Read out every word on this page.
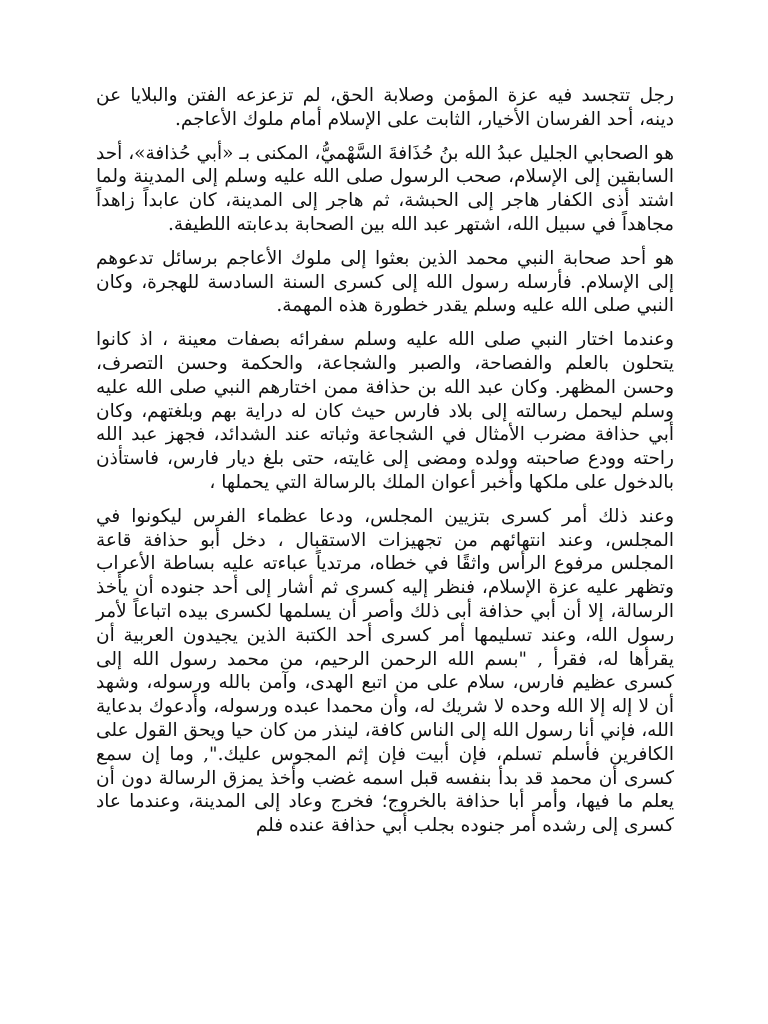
رجل تتجسد فيه عزة المؤمن وصلابة الحق، لم تزعزعه الفتن والبلايا عن دينه، أحد الفرسان الأخيار، الثابت على الإسلام أمام ملوك الأعاجم.

هو الصحابي الجليل عبدُ الله بنُ حُذَافةَ السَّهْميُّ، المكنى بـ «أبي حُذافة»، أحد السابقين إلى الإسلام، صحب الرسول صلى الله عليه وسلم إلى المدينة ولما اشتد أذى الكفار هاجر إلى الحبشة، ثم هاجر إلى المدينة، كان عابداً زاهداً مجاهداً في سبيل الله، اشتهر عبد الله بين الصحابة بدعابته اللطيفة.

هو أحد صحابة النبي محمد الذين بعثوا إلى ملوك الأعاجم برسائل تدعوهم إلى الإسلام. فأرسله رسول الله إلى كسرى السنة السادسة للهجرة، وكان النبي صلى الله عليه وسلم يقدر خطورة هذه المهمة.

وعندما اختار النبي صلى الله عليه وسلم سفرائه بصفات معينة ، اذ كانوا يتحلون بالعلم والفصاحة، والصبر والشجاعة، والحكمة وحسن التصرف، وحسن المظهر. وكان عبد الله بن حذافة ممن اختارهم النبي صلى الله عليه وسلم ليحمل رسالته إلى بلاد فارس حيث كان له دراية بهم وبلغتهم، وكان أبي حذافة مضرب الأمثال في الشجاعة وثباته عند الشدائد، فجهز عبد الله راحته وودع صاحبته وولده ومضى إلى غايته، حتى بلغ ديار فارس، فاستأذن بالدخول على ملكها وأخبر أعوان الملك بالرسالة التي يحملها ،

وعند ذلك أمر كسرى بتزيين المجلس، ودعا عظماء الفرس ليكونوا في المجلس، وعند انتهائهم من تجهيزات الاستقبال ، دخل أبو حذافة قاعة المجلس مرفوع الرأس واثقًا في خطاه، مرتدياً عباءته عليه بساطة الأعراب وتظهر عليه عزة الإسلام، فنظر إليه كسرى ثم أشار إلى أحد جنوده أن يأخذ الرسالة، إلا أن أبي حذافة أبى ذلك وأصر أن يسلمها لكسرى بيده اتباعاً لأمر رسول الله، وعند تسليمها أمر كسرى أحد الكتبة الذين يجيدون العربية أن يقرأها له، فقرأ , "بسم الله الرحمن الرحيم، من محمد رسول الله إلى كسرى عظيم فارس، سلام على من اتبع الهدى، وآمن بالله ورسوله، وشهد أن لا إله إلا الله وحده لا شريك له، وأن محمدا عبده ورسوله، وأدعوك بدعاية الله، فإني أنا رسول الله إلى الناس كافة، لينذر من كان حيا ويحق القول على الكافرين فأسلم تسلم، فإن أبيت فإن إثم المجوس عليك.", وما إن سمع كسرى أن محمد قد بدأ بنفسه قبل اسمه غضب وأخذ يمزق الرسالة دون أن يعلم ما فيها، وأمر أبا حذافة بالخروج؛ فخرج وعاد إلى المدينة، وعندما عاد كسرى إلى رشده أمر جنوده بجلب أبي حذافة عنده فلم
